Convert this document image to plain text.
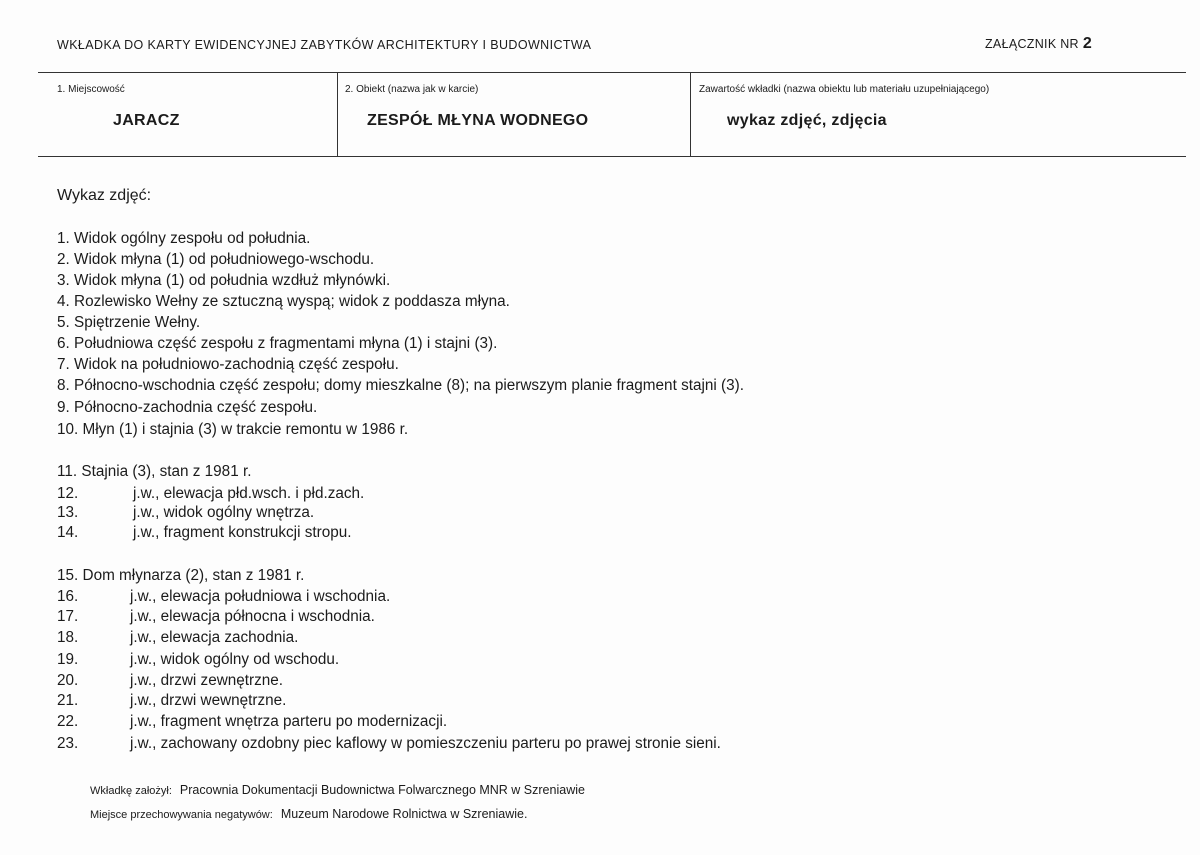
WKŁADKA DO KARTY EWIDENCYJNEJ ZABYTKÓW ARCHITEKTURY I BUDOWNICTWA	ZAŁĄCZNIK NR 2
1. Miejscowość
JARACZ
2. Obiekt (nazwa jak w karcie)
ZESPÓŁ MŁYNA WODNEGO
Zawartość wkładki (nazwa obiektu lub materiału uzupełniającego)
wykaz zdjęć, zdjęcia
Wykaz zdjęć:
1. Widok ogólny zespołu od południa.
2. Widok młyna (1) od południowego-wschodu.
3. Widok młyna (1) od południa wzdłuż młynówki.
4. Rozlewisko Wełny ze sztuczną wyspą; widok z poddasza młyna.
5. Spiętrzenie Wełny.
6. Południowa część zespołu z fragmentami młyna (1) i stajni (3).
7. Widok na południowo-zachodnią część zespołu.
8. Północno-wschodnia część zespołu; domy mieszkalne (8); na pierwszym planie fragment stajni (3).
9. Północno-zachodnia część zespołu.
10. Młyn (1) i stajnia (3) w trakcie remontu w 1986 r.
11. Stajnia (3), stan z 1981 r.
12.	j.w., elewacja płd.wsch. i płd.zach.
13.	j.w., widok ogólny wnętrza.
14.	j.w., fragment konstrukcji stropu.
15. Dom młynarza (2), stan z 1981 r.
16.	j.w., elewacja południowa i wschodnia.
17.	j.w., elewacja północna i wschodnia.
18.	j.w., elewacja zachodnia.
19.	j.w., widok ogólny od wschodu.
20.	j.w., drzwi zewnętrzne.
21.	j.w., drzwi wewnętrzne.
22.	j.w., fragment wnętrza parteru po modernizacji.
23.	j.w., zachowany ozdobny piec kaflowy w pomieszczeniu parteru po prawej stronie sieni.
Wkładkę założył: Pracownia Dokumentacji Budownictwa Folwarcznego MNR w Szreniawie
Miejsce przechowywania negatywów: Muzeum Narodowe Rolnictwa w Szreniawie.
